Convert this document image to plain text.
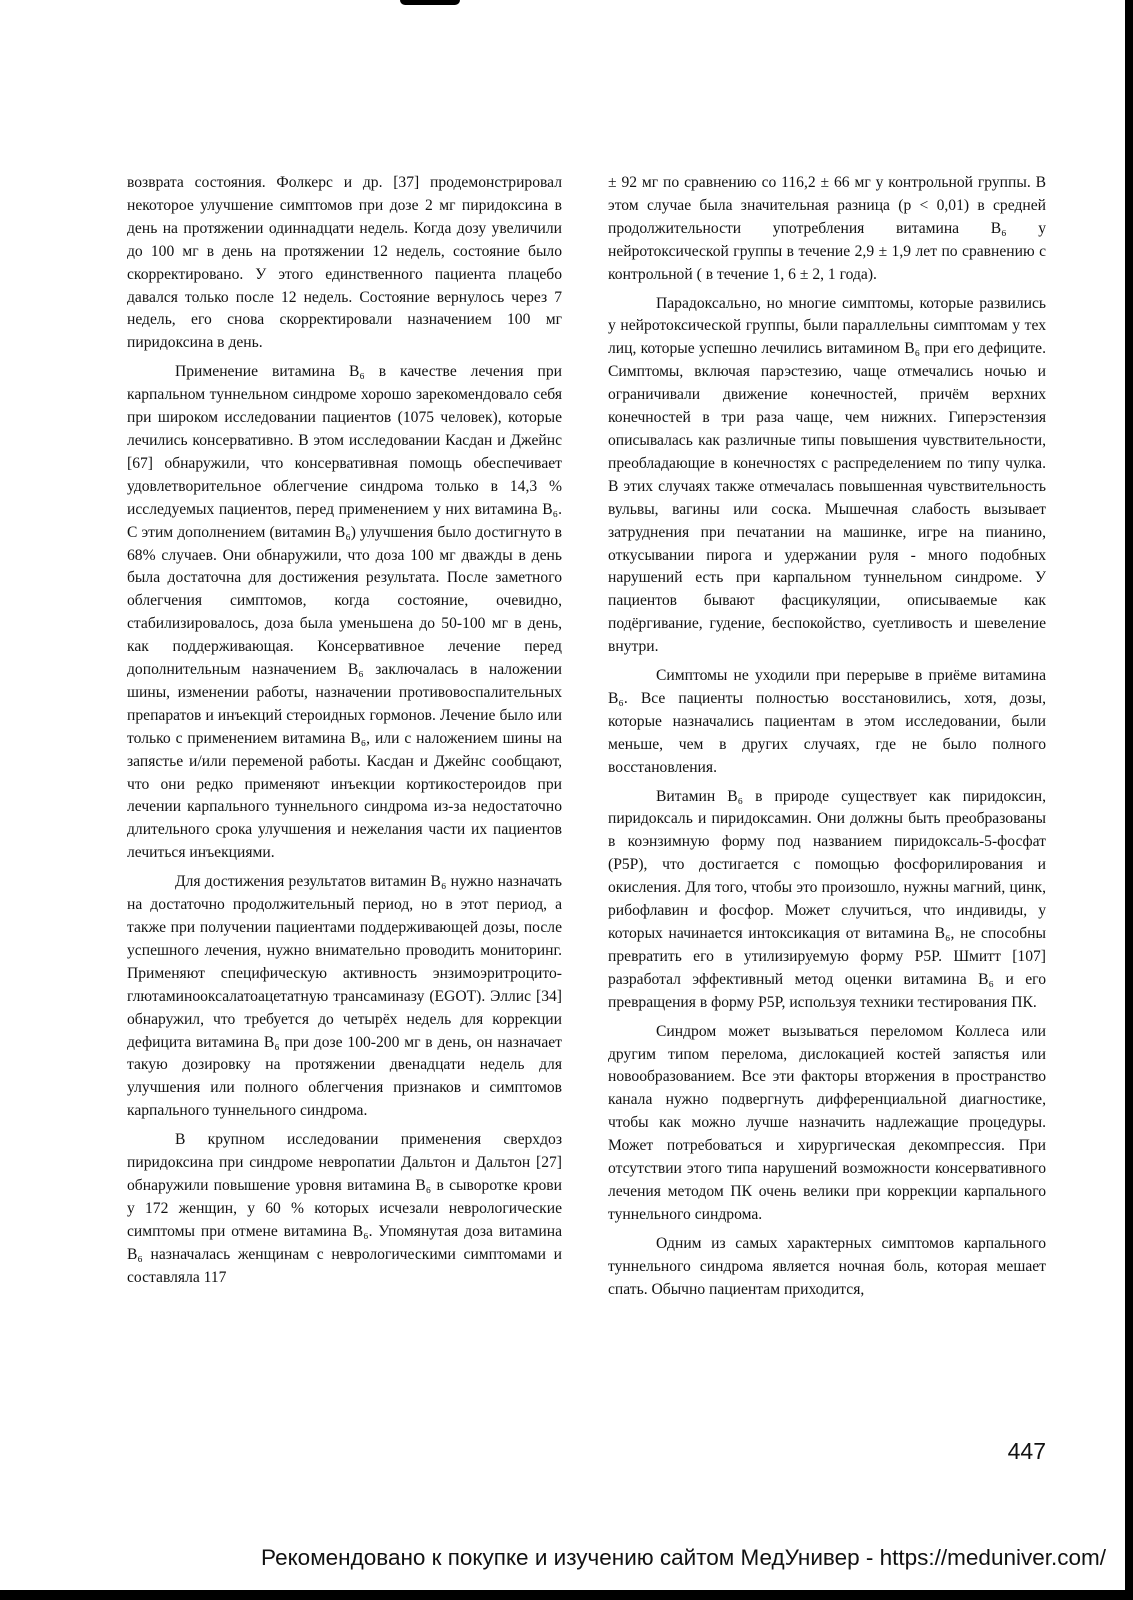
возврата состояния. Фолкерс и др. [37] продемонстрировал некоторое улучшение симптомов при дозе 2 мг пиридоксина в день на протяжении одиннадцати недель. Когда дозу увеличили до 100 мг в день на протяжении 12 недель, состояние было скорректировано. У этого единственного пациента плацебо давался только после 12 недель. Состояние вернулось через 7 недель, его снова скорректировали назначением 100 мг пиридоксина в день.

Применение витамина B₆ в качестве лечения при карпальном туннельном синдроме хорошо зарекомендовало себя при широком исследовании пациентов (1075 человек), которые лечились консервативно. В этом исследовании Касдан и Джейнс [67] обнаружили, что консервативная помощь обеспечивает удовлетворительное облегчение синдрома только в 14,3 % исследуемых пациентов, перед применением у них витамина B₆. С этим дополнением (витамин B₆) улучшения было достигнуто в 68% случаев. Они обнаружили, что доза 100 мг дважды в день была достаточна для достижения результата. После заметного облегчения симптомов, когда состояние, очевидно, стабилизировалось, доза была уменьшена до 50-100 мг в день, как поддерживающая. Консервативное лечение перед дополнительным назначением B₆ заключалась в наложении шины, изменении работы, назначении противовоспалительных препаратов и инъекций стероидных гормонов. Лечение было или только с применением витамина B₆, или с наложением шины на запястье и/или переменой работы. Касдан и Джейнс сообщают, что они редко применяют инъекции кортикостероидов при лечении карпального туннельного синдрома из-за недостаточно длительного срока улучшения и нежелания части их пациентов лечиться инъекциями.

Для достижения результатов витамин B₆ нужно назначать на достаточно продолжительный период, но в этот период, а также при получении пациентами поддерживающей дозы, после успешного лечения, нужно внимательно проводить мониторинг. Применяют специфическую активность энзимоэритроцито-глютаминооксалатоацетатную трансаминазу (EGOT). Эллис [34] обнаружил, что требуется до четырёх недель для коррекции дефицита витамина B₆ при дозе 100-200 мг в день, он назначает такую дозировку на протяжении двенадцати недель для улучшения или полного облегчения признаков и симптомов карпального туннельного синдрома.

В крупном исследовании применения сверхдоз пиридоксина при синдроме невропатии Дальтон и Дальтон [27] обнаружили повышение уровня витамина B₆ в сыворотке крови у 172 женщин, у 60 % которых исчезали неврологические симптомы при отмене витамина B₆. Упомянутая доза витамина B₆ назначалась женщинам с неврологическими симптомами и составляла 117

± 92 мг по сравнению со 116,2 ± 66 мг у контрольной группы. В этом случае была значительная разница (p < 0,01) в средней продолжительности употребления витамина B₆ у нейротоксической группы в течение 2,9 ± 1,9 лет по сравнению с контрольной ( в течение 1, 6 ± 2, 1 года).

Парадоксально, но многие симптомы, которые развились у нейротоксической группы, были параллельны симптомам у тех лиц, которые успешно лечились витамином B₆ при его дефиците. Симптомы, включая парэстезию, чаще отмечались ночью и ограничивали движение конечностей, причём верхних конечностей в три раза чаще, чем нижних. Гиперэстензия описывалась как различные типы повышения чувствительности, преобладающие в конечностях с распределением по типу чулка. В этих случаях также отмечалась повышенная чувствительность вульвы, вагины или соска. Мышечная слабость вызывает затруднения при печатании на машинке, игре на пианино, откусывании пирога и удержании руля - много подобных нарушений есть при карпальном туннельном синдроме. У пациентов бывают фасцикуляции, описываемые как подёргивание, гудение, беспокойство, суетливость и шевеление внутри.

Симптомы не уходили при перерыве в приёме витамина B₆. Все пациенты полностью восстановились, хотя, дозы, которые назначались пациентам в этом исследовании, были меньше, чем в других случаях, где не было полного восстановления.

Витамин B₆ в природе существует как пиридоксин, пиридоксаль и пиридоксамин. Они должны быть преобразованы в коэнзимную форму под названием пиридоксаль-5-фосфат (P5P), что достигается с помощью фосфорилирования и окисления. Для того, чтобы это произошло, нужны магний, цинк, рибофлавин и фосфор. Может случиться, что индивиды, у которых начинается интоксикация от витамина B₆, не способны превратить его в утилизируемую форму P5P. Шмитт [107] разработал эффективный метод оценки витамина B₆ и его превращения в форму P5P, используя техники тестирования ПК.

Синдром может вызываться переломом Коллеса или другим типом перелома, дислокацией костей запястья или новообразованием. Все эти факторы вторжения в пространство канала нужно подвергнуть дифференциальной диагностике, чтобы как можно лучше назначить надлежащие процедуры. Может потребоваться и хирургическая декомпрессия. При отсутствии этого типа нарушений возможности консервативного лечения методом ПК очень велики при коррекции карпального туннельного синдрома.

Одним из самых характерных симптомов карпального туннельного синдрома является ночная боль, которая мешает спать. Обычно пациентам приходится,

447
Рекомендовано к покупке и изучению сайтом МедУнивер - https://meduniver.com/
